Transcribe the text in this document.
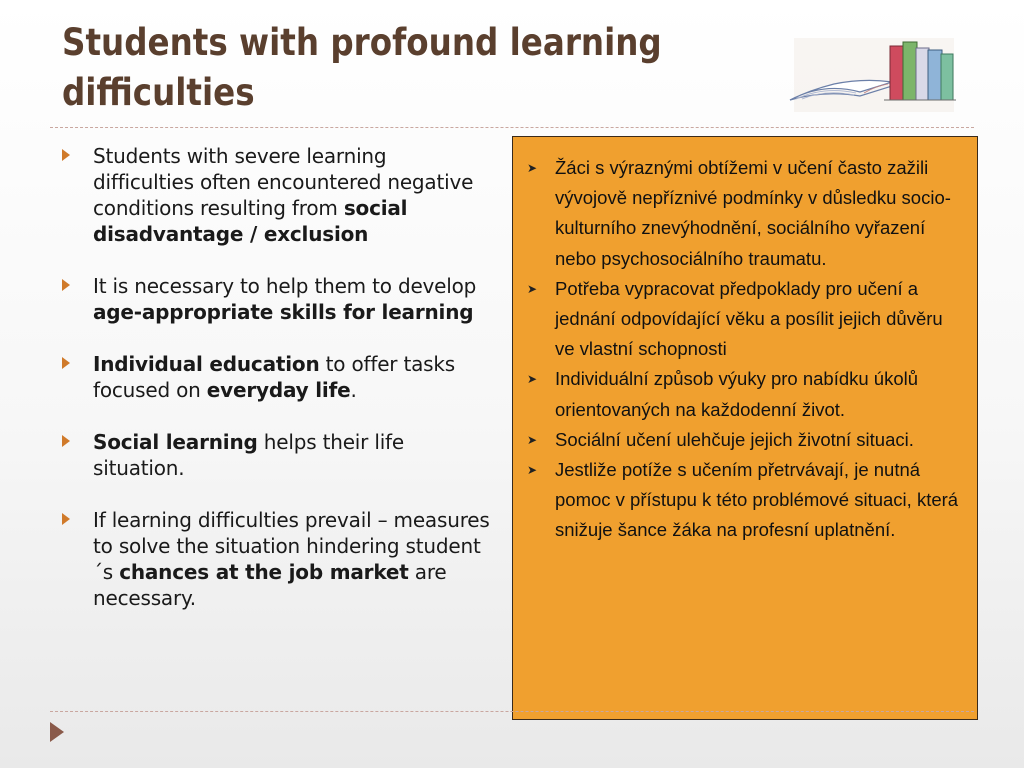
Students with profound learning
difficulties
Students with severe learning difficulties often encountered negative conditions resulting from social disadvantage / exclusion
It is necessary to help them to develop age-appropriate skills for learning
Individual education to offer tasks focused on everyday life.
Social learning helps their life situation.
If learning difficulties prevail – measures to solve the situation hindering student´s chances at the job market are necessary.
➤ Žáci s výraznými obtížemi v učení často zažili vývojově nepříznivé podmínky v důsledku socio-kulturního znevýhodnění, sociálního vyřazení nebo psychosociálního traumatu.
➤ Potřeba vypracovat předpoklady pro učení a jednání odpovídající věku a posílit jejich důvěru ve vlastní schopnosti
➤ Individuální způsob výuky pro nabídku úkolů orientovaných na každodenní život.
➤ Sociální učení ulehčuje jejich životní situaci.
➤ Jestliže potíže s učením přetrvávají, je nutná pomoc v přístupu k této problémové situaci, která snižuje šance žáka na profesní uplatnění.
